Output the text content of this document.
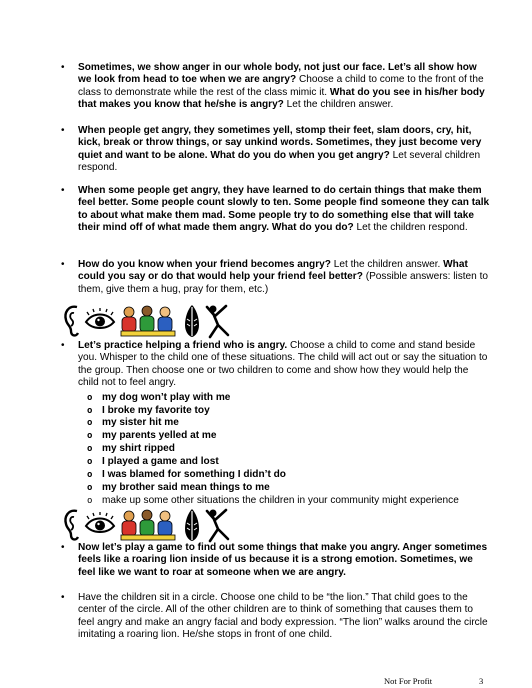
• Sometimes, we show anger in our whole body, not just our face. Let’s all show how we look from head to toe when we are angry? Choose a child to come to the front of the class to demonstrate while the rest of the class mimic it. What do you see in his/her body that makes you know that he/she is angry? Let the children answer.
• When people get angry, they sometimes yell, stomp their feet, slam doors, cry, hit, kick, break or throw things, or say unkind words. Sometimes, they just become very quiet and want to be alone. What do you do when you get angry? Let several children respond.
• When some people get angry, they have learned to do certain things that make them feel better. Some people count slowly to ten. Some people find someone they can talk to about what make them mad. Some people try to do something else that will take their mind off of what made them angry. What do you do? Let the children respond.
• How do you know when your friend becomes angry? Let the children answer. What could you say or do that would help your friend feel better? (Possible answers: listen to them, give them a hug, pray for them, etc.)
• Let’s practice helping a friend who is angry. Choose a child to come and stand beside you. Whisper to the child one of these situations. The child will act out or say the situation to the group. Then choose one or two children to come and show how they would help the child not to feel angry.
o my dog won’t play with me
o I broke my favorite toy
o my sister hit me
o my parents yelled at me
o my shirt ripped
o I played a game and lost
o I was blamed for something I didn’t do
o my brother said mean things to me
o make up some other situations the children in your community might experience
• Now let’s play a game to find out some things that make you angry. Anger sometimes feels like a roaring lion inside of us because it is a strong emotion. Sometimes, we feel like we want to roar at someone when we are angry.
• Have the children sit in a circle. Choose one child to be “the lion.” That child goes to the center of the circle. All of the other children are to think of something that causes them to feel angry and make an angry facial and body expression. “The lion” walks around the circle imitating a roaring lion. He/she stops in front of one child.
Not For Profit	3
